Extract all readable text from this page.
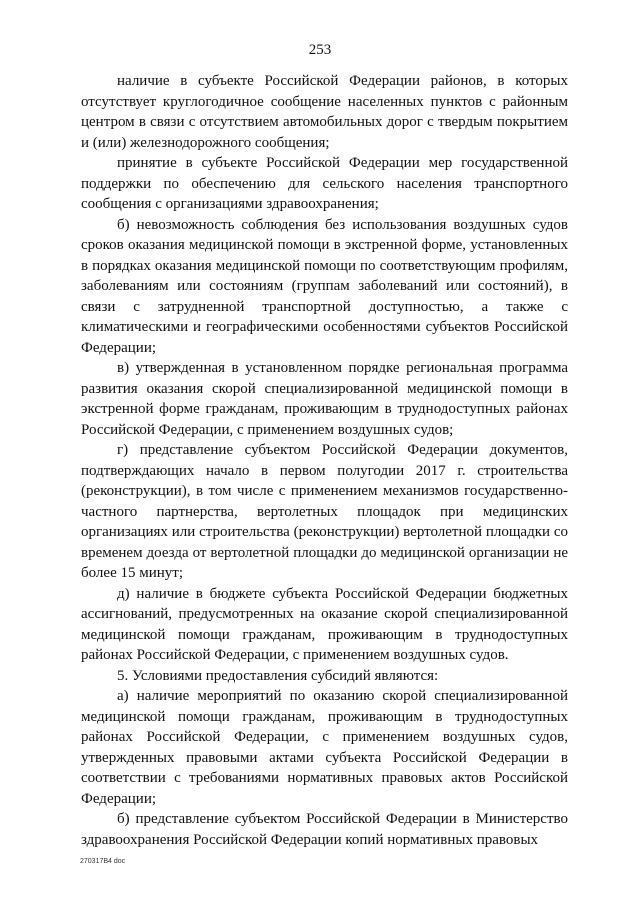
253

наличие в субъекте Российской Федерации районов, в которых отсутствует круглогодичное сообщение населенных пунктов с районным центром в связи с отсутствием автомобильных дорог с твердым покрытием и (или) железнодорожного сообщения;

принятие в субъекте Российской Федерации мер государственной поддержки по обеспечению для сельского населения транспортного сообщения с организациями здравоохранения;

б) невозможность соблюдения без использования воздушных судов сроков оказания медицинской помощи в экстренной форме, установленных в порядках оказания медицинской помощи по соответствующим профилям, заболеваниям или состояниям (группам заболеваний или состояний), в связи с затрудненной транспортной доступностью, а также с климатическими и географическими особенностями субъектов Российской Федерации;

в) утвержденная в установленном порядке региональная программа развития оказания скорой специализированной медицинской помощи в экстренной форме гражданам, проживающим в труднодоступных районах Российской Федерации, с применением воздушных судов;

г) представление субъектом Российской Федерации документов, подтверждающих начало в первом полугодии 2017 г. строительства (реконструкции), в том числе с применением механизмов государственно-частного партнерства, вертолетных площадок при медицинских организациях или строительства (реконструкции) вертолетной площадки со временем доезда от вертолетной площадки до медицинской организации не более 15 минут;

д) наличие в бюджете субъекта Российской Федерации бюджетных ассигнований, предусмотренных на оказание скорой специализированной медицинской помощи гражданам, проживающим в труднодоступных районах Российской Федерации, с применением воздушных судов.

5. Условиями предоставления субсидий являются:

а) наличие мероприятий по оказанию скорой специализированной медицинской помощи гражданам, проживающим в труднодоступных районах Российской Федерации, с применением воздушных судов, утвержденных правовыми актами субъекта Российской Федерации в соответствии с требованиями нормативных правовых актов Российской Федерации;

б) представление субъектом Российской Федерации в Министерство здравоохранения Российской Федерации копий нормативных правовых

270317В4 doc
